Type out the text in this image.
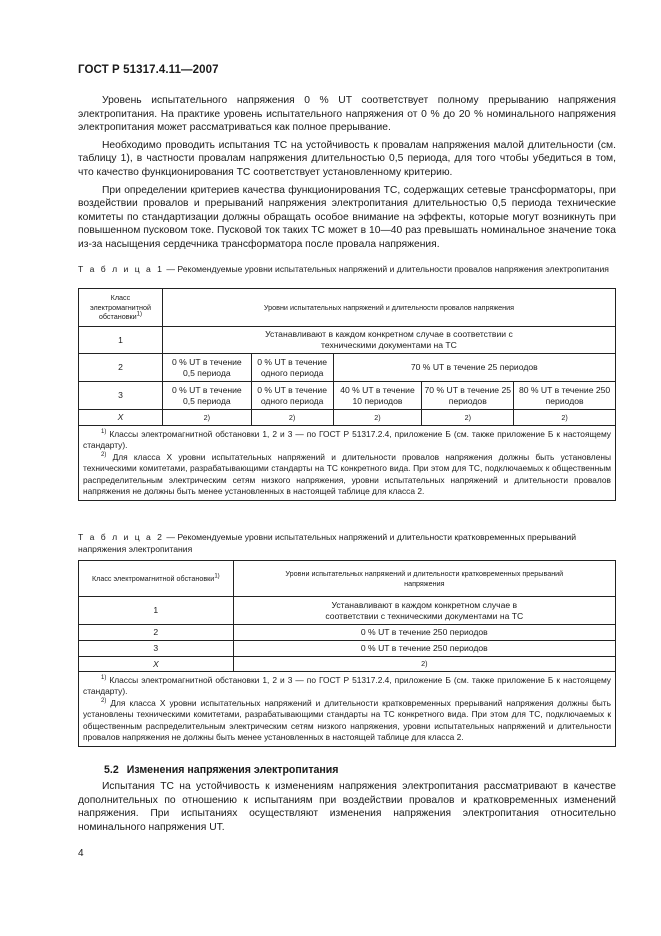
ГОСТ Р 51317.4.11—2007

Уровень испытательного напряжения 0 % UT соответствует полному прерыванию напряжения электропитания. На практике уровень испытательного напряжения от 0 % до 20 % номинального напряжения электропитания может рассматриваться как полное прерывание.

Необходимо проводить испытания ТС на устойчивость к провалам напряжения малой длительности (см. таблицу 1), в частности провалам напряжения длительностью 0,5 периода, для того чтобы убедиться в том, что качество функционирования ТС соответствует установленному критерию.

При определении критериев качества функционирования ТС, содержащих сетевые трансформаторы, при воздействии провалов и прерываний напряжения электропитания длительностью 0,5 периода технические комитеты по стандартизации должны обращать особое внимание на эффекты, которые могут возникнуть при повышенном пусковом токе. Пусковой ток таких ТС может в 10—40 раз превышать номинальное значение тока из-за насыщения сердечника трансформатора после провала напряжения.

Т а б л и ц а 1 — Рекомендуемые уровни испытательных напряжений и длительности провалов напряжения электропитания
Класс электромагнитной обстановки$^{1)}$	Уровни испытательных напряжений и длительности провалов напряжения				
1	Устанавливают в каждом конкретном случае в соответствии с техническими документами на ТС				
2	0 % UT в течение 0,5 периода	0 % UT в течение одного периода	70 % UT в течение 25 периодов		
3	0 % UT в течение 0,5 периода	0 % UT в течение одного периода	40 % UT в течение 10 периодов	70 % UT в течение 25 периодов	80 % UT в течение 250 периодов
X	2)	2)	2)	2)	2)

$^{1)}$ Классы электромагнитной обстановки 1, 2 и 3 — по ГОСТ Р 51317.2.4, приложение Б (см. также приложение Б к настоящему стандарту).

$^{2)}$ Для класса X уровни испытательных напряжений и длительности провалов напряжения должны быть установлены техническими комитетами, разрабатывающими стандарты на ТС конкретного вида. При этом для ТС, подключаемых к общественным распределительным электрическим сетям низкого напряжения, уровни испытательных напряжений и длительности провалов напряжения не должны быть менее установленных в настоящей таблице для класса 2.					

Т а б л и ц а 2 — Рекомендуемые уровни испытательных напряжений и длительности кратковременных прерываний напряжения электропитания
Класс электромагнитной обстановки$^{1)}$	Уровни испытательных напряжений и длительности кратковременных прерываний напряжения
1	Устанавливают в каждом конкретном случае в соответствии с техническими документами на ТС
2	0 % UT в течение 250 периодов
3	0 % UT в течение 250 периодов
X	2)

$^{1)}$ Классы электромагнитной обстановки 1, 2 и 3 — по ГОСТ Р 51317.2.4, приложение Б (см. также приложение Б к настоящему стандарту).

$^{2)}$ Для класса X уровни испытательных напряжений и длительности кратковременных прерываний напряжения должны быть установлены техническими комитетами, разрабатывающими стандарты на ТС конкретного вида. При этом для ТС, подключаемых к общественным распределительным электрическим сетям низкого напряжения, уровни испытательных напряжений и длительности провалов напряжения не должны быть менее установленных в настоящей таблице для класса 2.	

5.2 Изменения напряжения электропитания

Испытания ТС на устойчивость к изменениям напряжения электропитания рассматривают в качестве дополнительных по отношению к испытаниям при воздействии провалов и кратковременных изменений напряжения. При испытаниях осуществляют изменения напряжения электропитания относительно номинального напряжения UT.

4
